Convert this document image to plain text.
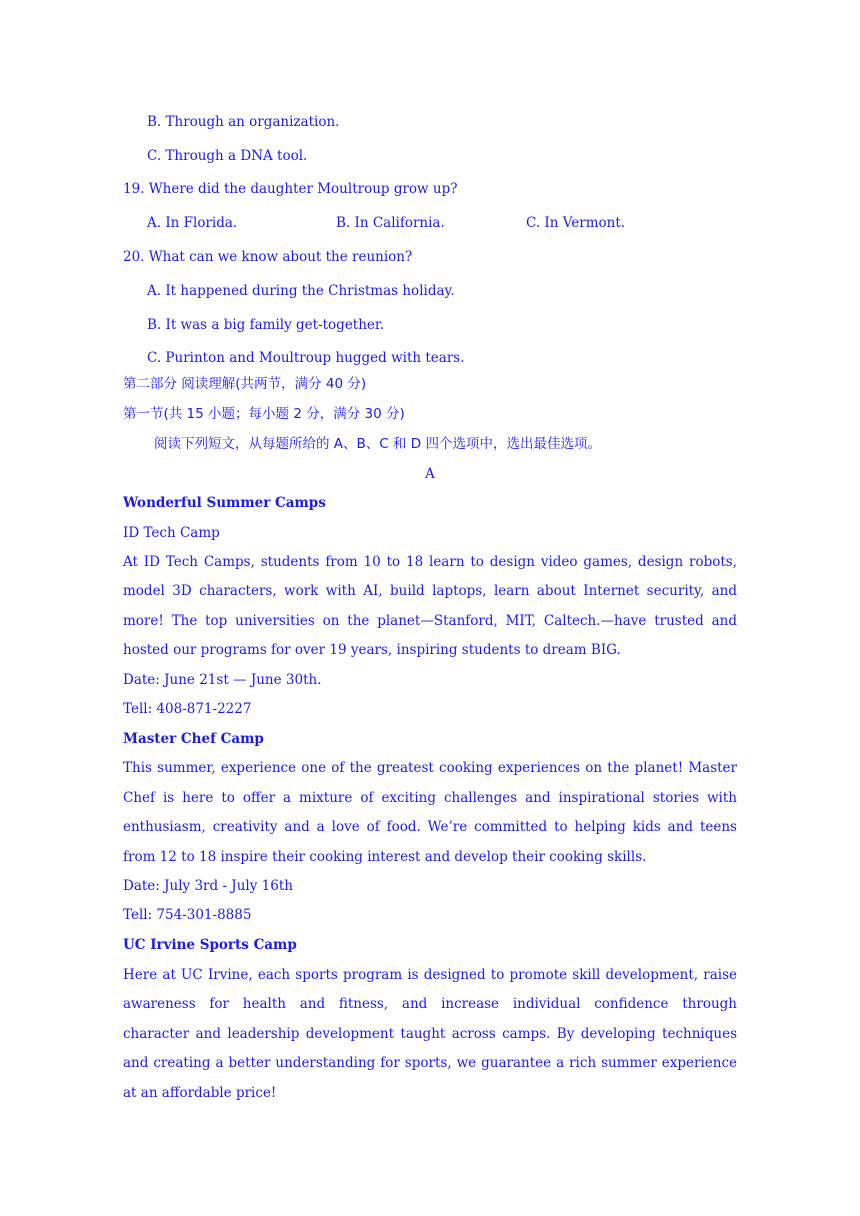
B. Through an organization.
C. Through a DNA tool.
19. Where did the daughter Moultroup grow up?
A. In Florida.	B. In California.	C. In Vermont.
20. What can we know about the reunion?
A. It happened during the Christmas holiday.
B. It was a big family get-together.
C. Purinton and Moultroup hugged with tears.
第二部分 阅读理解(共两节，满分 40 分)
第一节(共 15 小题；每小题 2 分，满分 30 分)
阅读下列短文，从每题所给的 A、B、C 和 D 四个选项中，选出最佳选项。
A
Wonderful Summer Camps
ID Tech Camp
At ID Tech Camps, students from 10 to 18 learn to design video games, design robots,
model 3D characters, work with AI, build laptops, learn about Internet security, and
more! The top universities on the planet—Stanford, MIT, Caltech.—have trusted and
hosted our programs for over 19 years, inspiring students to dream BIG.
Date: June 21st — June 30th.
Tell: 408-871-2227
Master Chef Camp
This summer, experience one of the greatest cooking experiences on the planet! Master
Chef is here to offer a mixture of exciting challenges and inspirational stories with
enthusiasm, creativity and a love of food. We’re committed to helping kids and teens
from 12 to 18 inspire their cooking interest and develop their cooking skills.
Date: July 3rd - July 16th
Tell: 754-301-8885
UC Irvine Sports Camp
Here at UC Irvine, each sports program is designed to promote skill development, raise
awareness for health and fitness, and increase individual confidence through
character and leadership development taught across camps. By developing techniques
and creating a better understanding for sports, we guarantee a rich summer experience
at an affordable price!
